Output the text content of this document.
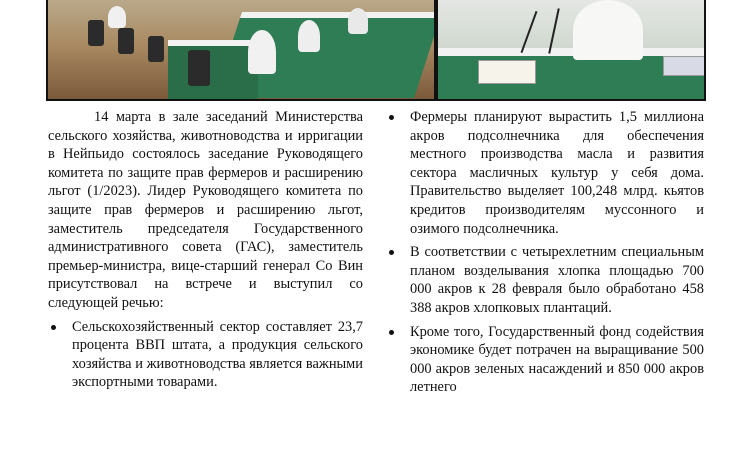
14 марта в зале заседаний Министерства сельского хозяйства, животноводства и ирригации в Нейпьидо состоялось заседание Руководящего комитета по защите прав фермеров и расширению льгот (1/2023). Лидер Руководящего комитета по защите прав фермеров и расширению льгот, заместитель председателя Государственного административного совета (ГАС), заместитель премьер-министра, вице-старший генерал Со Вин присутствовал на встрече и выступил со следующей речью:

Сельскохозяйственный сектор составляет 23,7 процента ВВП штата, а продукция сельского хозяйства и животноводства является важными экспортными товарами.
Фермеры планируют вырастить 1,5 миллиона акров подсолнечника для обеспечения местного производства масла и развития сектора масличных культур у себя дома. Правительство выделяет 100,248 млрд. кьятов кредитов производителям муссонного и озимого подсолнечника.
В соответствии с четырехлетним специальным планом возделывания хлопка площадью 700 000 акров к 28 февраля было обработано 458 388 акров хлопковых плантаций.
Кроме того, Государственный фонд содействия экономике будет потрачен на выращивание 500 000 акров зеленых насаждений и 850 000 акров летнего
